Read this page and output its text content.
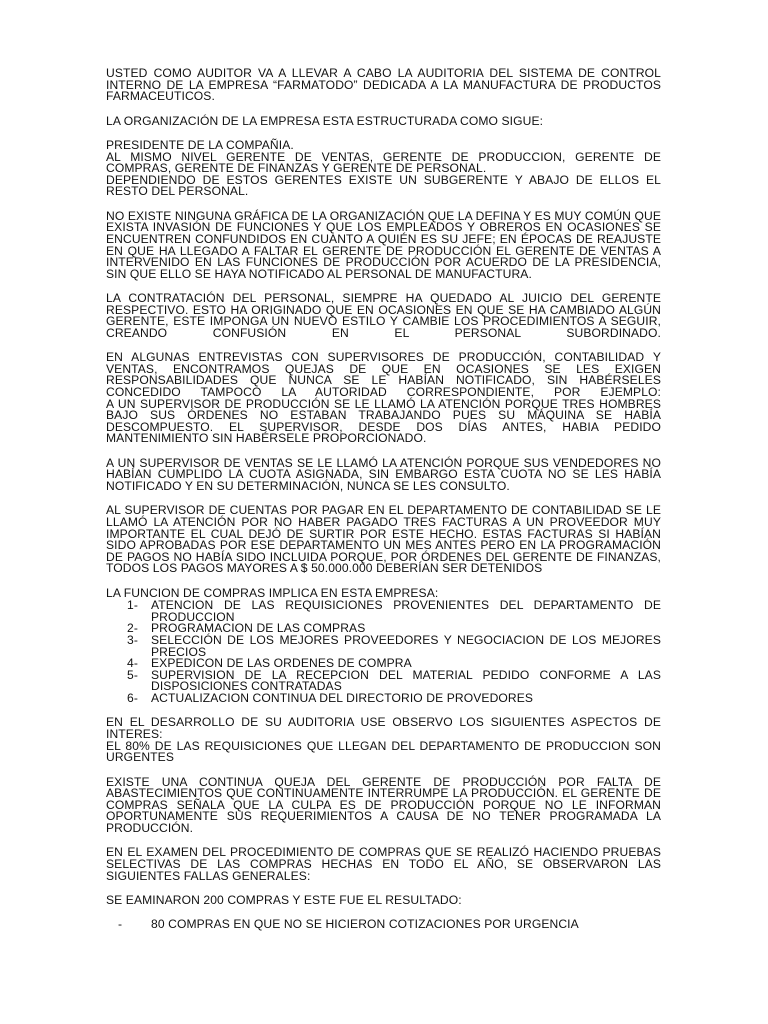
USTED COMO AUDITOR VA A LLEVAR A CABO LA AUDITORIA DEL SISTEMA DE CONTROL INTERNO DE LA EMPRESA “FARMATODO” DEDICADA A LA MANUFACTURA DE PRODUCTOS FARMACEUTICOS.

LA ORGANIZACIÓN DE LA EMPRESA ESTA ESTRUCTURADA COMO SIGUE:

PRESIDENTE DE LA COMPAÑIA.
AL MISMO NIVEL GERENTE DE VENTAS, GERENTE DE PRODUCCION, GERENTE DE COMPRAS, GERENTE DE FINANZAS Y GERENTE DE PERSONAL.
DEPENDIENDO DE ESTOS GERENTES EXISTE UN SUBGERENTE Y ABAJO DE ELLOS EL RESTO DEL PERSONAL.

NO EXISTE NINGUNA GRÁFICA DE LA ORGANIZACIÓN QUE LA DEFINA Y ES MUY COMÚN QUE EXISTA INVASIÓN DE FUNCIONES Y QUE LOS EMPLEADOS Y OBREROS EN OCASIONES SE ENCUENTREN CONFUNDIDOS EN CUANTO A QUIÉN ES SU JEFE; EN ÉPOCAS DE REAJUSTE EN QUE HA LLEGADO A FALTAR EL GERENTE DE PRODUCCIÓN EL GERENTE DE VENTAS A INTERVENIDO EN LAS FUNCIONES DE PRODUCCIÓN POR ACUERDO DE LA PRESIDENCIA, SIN QUE ELLO SE HAYA NOTIFICADO AL PERSONAL DE MANUFACTURA.

LA CONTRATACIÓN DEL PERSONAL, SIEMPRE HA QUEDADO AL JUICIO DEL GERENTE RESPECTIVO. ESTO HA ORIGINADO QUE EN OCASIONES EN QUE SE HA CAMBIADO ALGÚN GERENTE, ESTE IMPONGA UN NUEVO ESTILO Y CAMBIE LOS PROCEDIMIENTOS A SEGUIR, CREANDO CONFUSIÓN EN EL PERSONAL SUBORDINADO.

EN ALGUNAS ENTREVISTAS CON SUPERVISORES DE PRODUCCIÓN, CONTABILIDAD Y VENTAS, ENCONTRAMOS QUEJAS DE QUE EN OCASIONES SE LES EXIGEN RESPONSABILIDADES QUE NUNCA SE LE HABÍAN NOTIFICADO, SIN HABÉRSELES CONCEDIDO TAMPOCO LA AUTORIDAD CORRESPONDIENTE, POR EJEMPLO:
A UN SUPERVISOR DE PRODUCCIÓN SE LE LLAMÓ LA ATENCIÓN PORQUE TRES HOMBRES BAJO SUS ÓRDENES NO ESTABAN TRABAJANDO PUES SU MÁQUINA SE HABÍA DESCOMPUESTO. EL SUPERVISOR, DESDE DOS DÍAS ANTES, HABIA PEDIDO MANTENIMIENTO SIN HABÉRSELE PROPORCIONADO.

A UN SUPERVISOR DE VENTAS SE LE LLAMÓ LA ATENCIÓN PORQUE SUS VENDEDORES NO HABÍAN CUMPLIDO LA CUOTA ASIGNADA, SIN EMBARGO ESTA CUOTA NO SE LES HABÍA NOTIFICADO Y EN SU DETERMINACIÓN, NUNCA SE LES CONSULTO.

AL SUPERVISOR DE CUENTAS POR PAGAR EN EL DEPARTAMENTO DE CONTABILIDAD SE LE LLAMÓ LA ATENCIÓN POR NO HABER PAGADO TRES FACTURAS A UN PROVEEDOR MUY IMPORTANTE EL CUAL DEJÓ DE SURTIR POR ESTE HECHO. ESTAS FACTURAS SI HABÍAN SIDO APROBADAS POR ESE DEPARTAMENTO UN MES ANTES PERO EN LA PROGRAMACIÓN DE PAGOS NO HABÍA SIDO INCLUIDA PORQUE, POR ÓRDENES DEL GERENTE DE FINANZAS, TODOS LOS PAGOS MAYORES A $ 50.000.000 DEBERÍAN SER DETENIDOS

LA FUNCION DE COMPRAS IMPLICA EN ESTA EMPRESA:

1- ATENCION DE LAS REQUISICIONES PROVENIENTES DEL DEPARTAMENTO DE PRODUCCION
2- PROGRAMACION DE LAS COMPRAS
3- SELECCIÓN DE LOS MEJORES PROVEEDORES Y NEGOCIACION DE LOS MEJORES PRECIOS
4- EXPEDICON DE LAS ORDENES DE COMPRA
5- SUPERVISION DE LA RECEPCION DEL MATERIAL PEDIDO CONFORME A LAS DISPOSICIONES CONTRATADAS
6- ACTUALIZACION CONTINUA DEL DIRECTORIO DE PROVEDORES

EN EL DESARROLLO DE SU AUDITORIA USE OBSERVO LOS SIGUIENTES ASPECTOS DE INTERES:
EL 80% DE LAS REQUISICIONES QUE LLEGAN DEL DEPARTAMENTO DE PRODUCCION SON URGENTES

EXISTE UNA CONTINUA QUEJA DEL GERENTE DE PRODUCCIÓN POR FALTA DE ABASTECIMIENTOS QUE CONTINUAMENTE INTERRUMPE LA PRODUCCIÓN. EL GERENTE DE COMPRAS SEÑALA QUE LA CULPA ES DE PRODUCCIÓN PORQUE NO LE INFORMAN OPORTUNAMENTE SUS REQUERIMIENTOS A CAUSA DE NO TENER PROGRAMADA LA PRODUCCIÓN.

EN EL EXAMEN DEL PROCEDIMIENTO DE COMPRAS QUE SE REALIZÓ HACIENDO PRUEBAS SELECTIVAS DE LAS COMPRAS HECHAS EN TODO EL AÑO, SE OBSERVARON LAS SIGUIENTES FALLAS GENERALES:

SE EAMINARON 200 COMPRAS Y ESTE FUE EL RESULTADO:

- 80 COMPRAS EN QUE NO SE HICIERON COTIZACIONES POR URGENCIA
